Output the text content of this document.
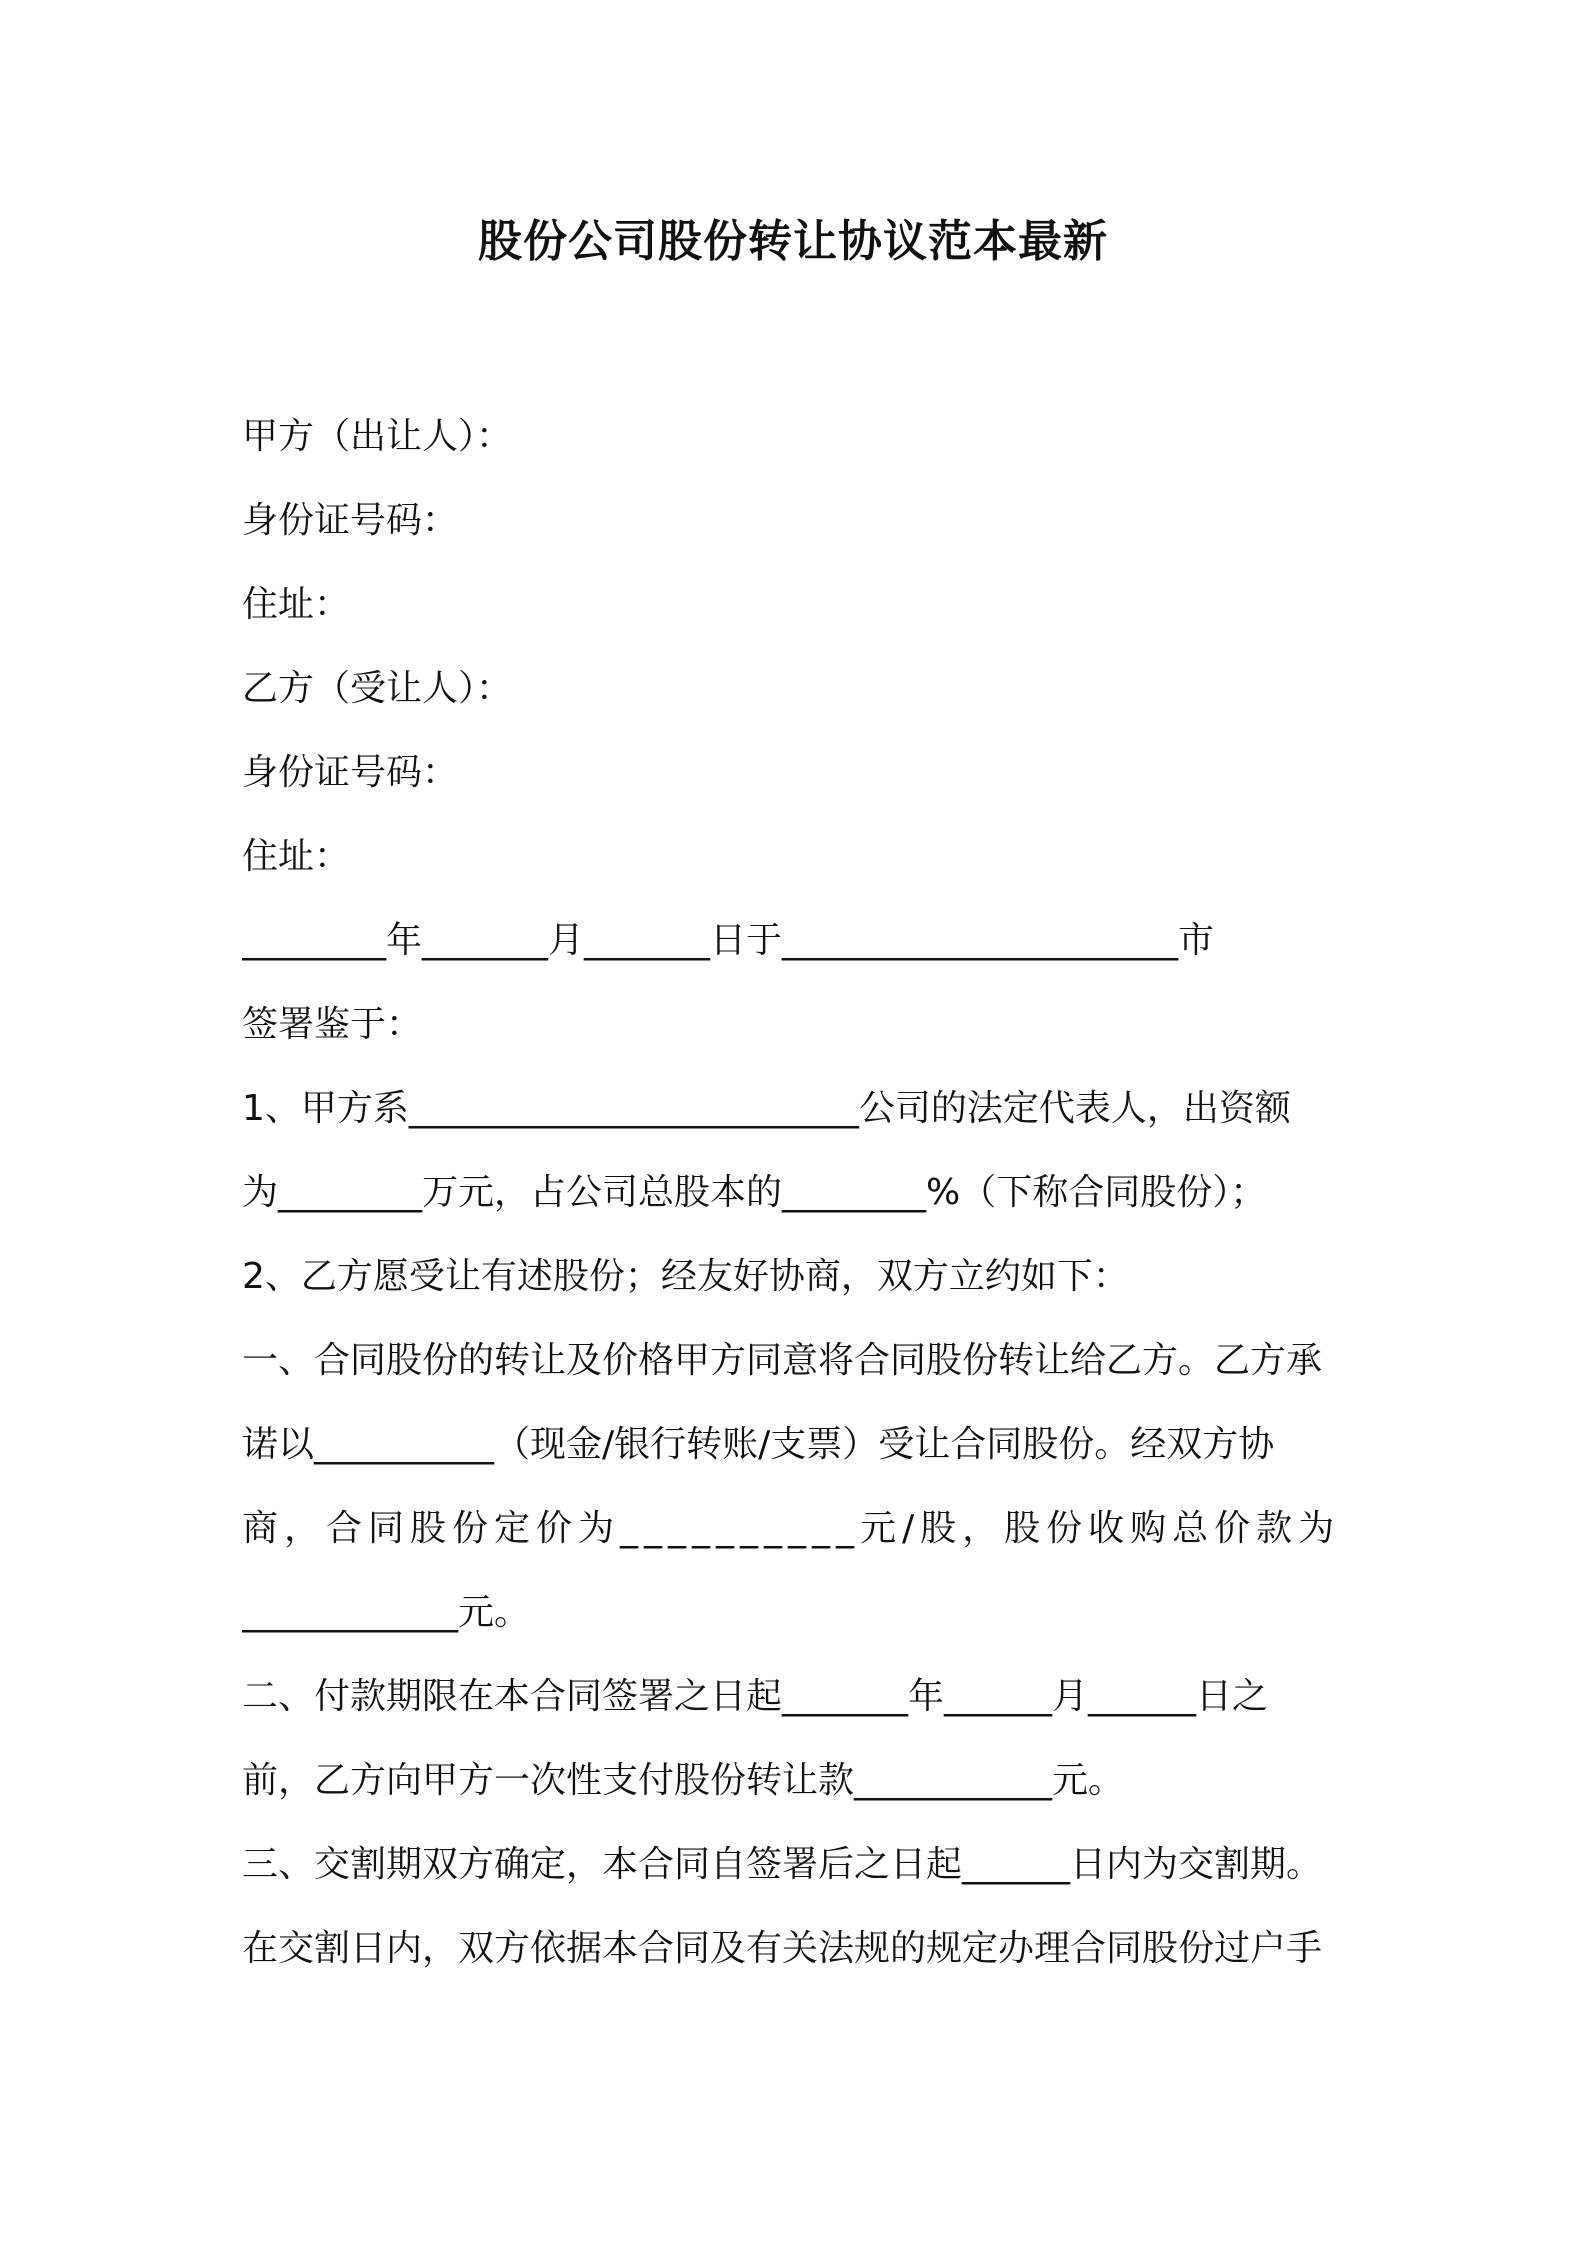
股份公司股份转让协议范本最新

甲方（出让人）：

身份证号码：

住址：

乙方（受让人）：

身份证号码：

住址：

________年_______月_______日于______________________市

签署鉴于：

1、甲方系_________________________公司的法定代表人，出资额

为________万元，占公司总股本的________%（下称合同股份）；

2、乙方愿受让有述股份；经友好协商，双方立约如下：

一、合同股份的转让及价格甲方同意将合同股份转让给乙方。乙方承

诺以__________（现金/银行转账/支票）受让合同股份。经双方协

商，合同股份定价为__________元/股，股份收购总价款为

____________元。

二、付款期限在本合同签署之日起_______年______月______日之

前，乙方向甲方一次性支付股份转让款___________元。

三、交割期双方确定，本合同自签署后之日起______日内为交割期。

在交割日内，双方依据本合同及有关法规的规定办理合同股份过户手
